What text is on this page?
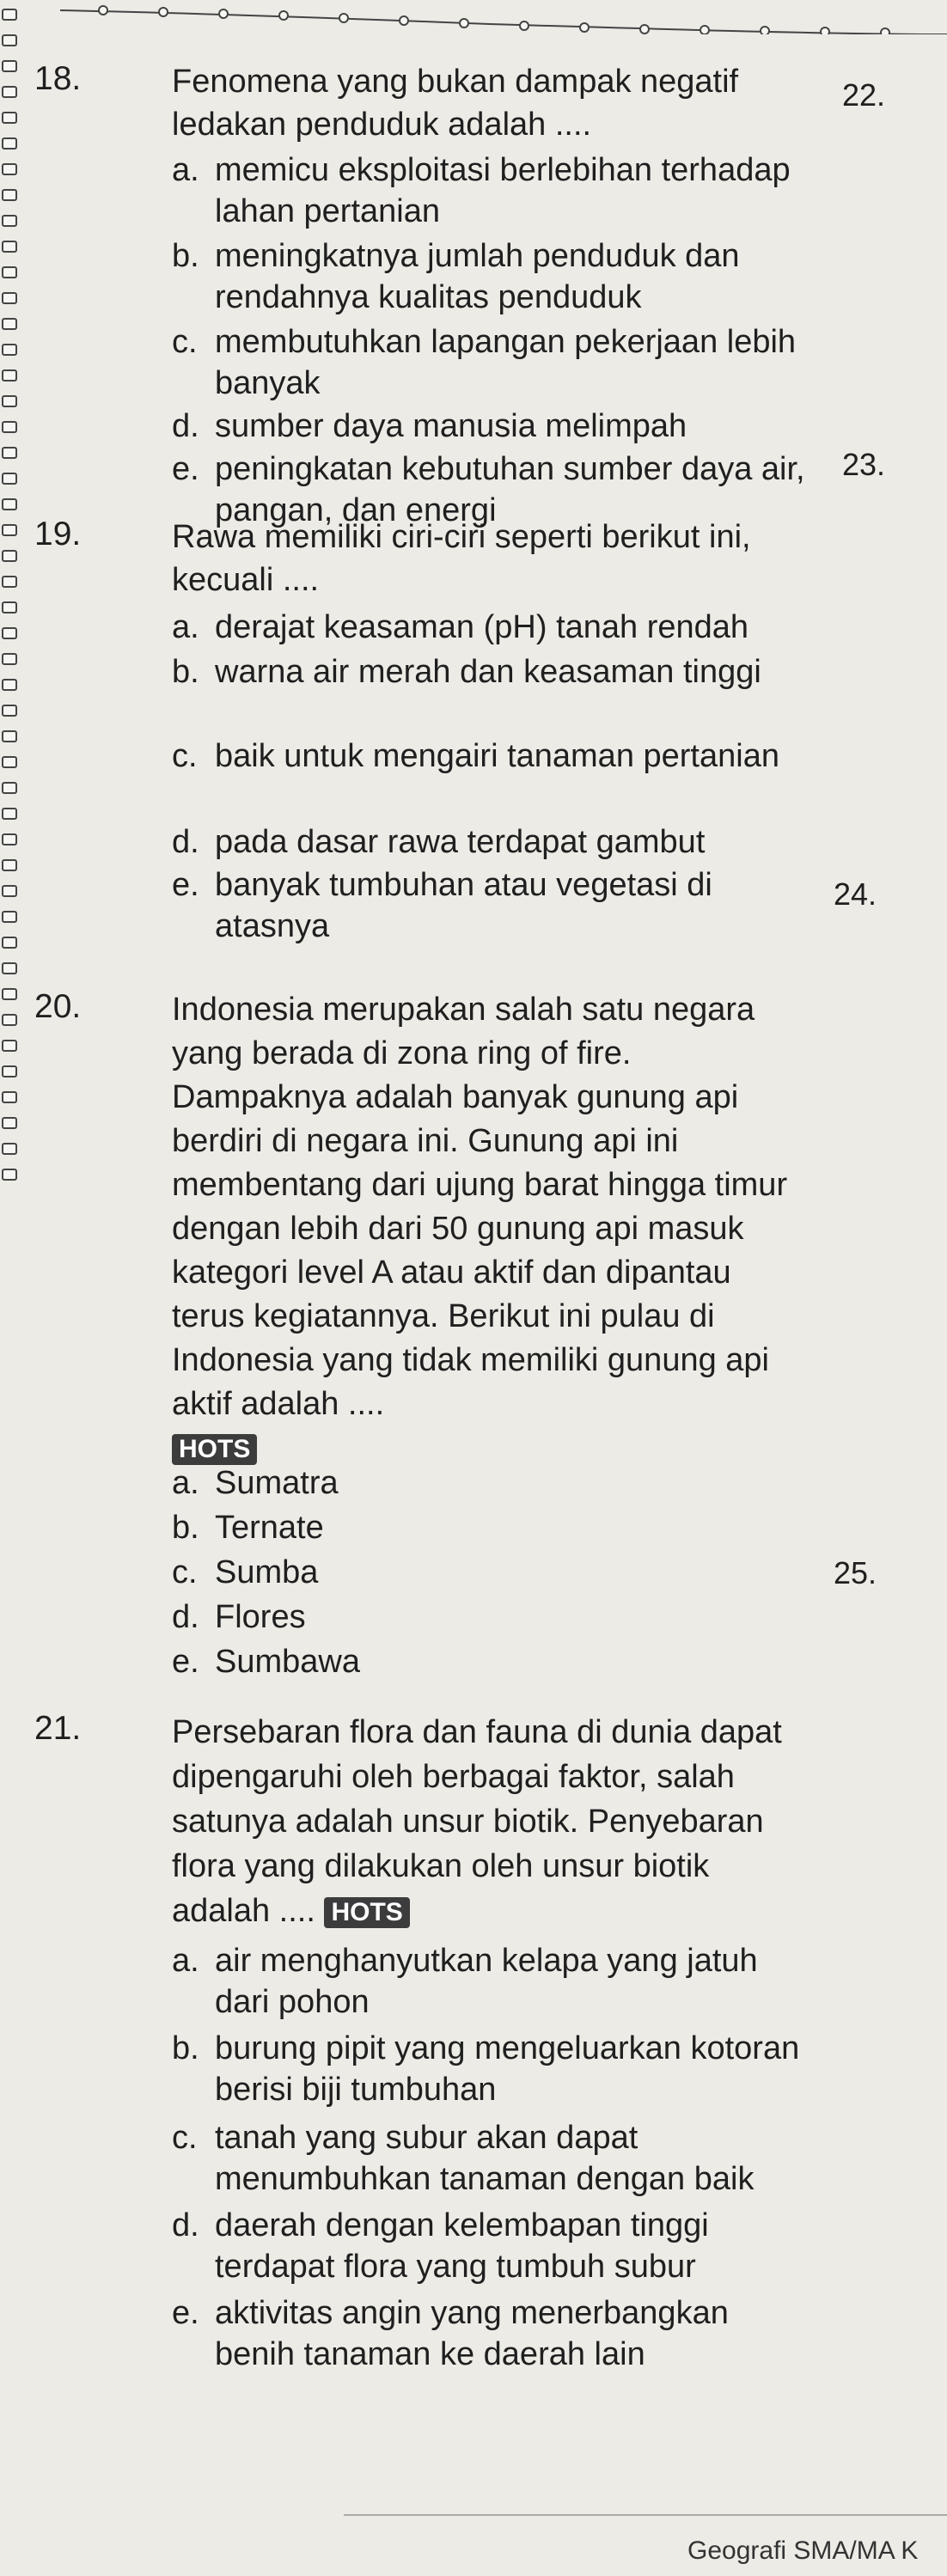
18.	Fenomena yang bukan dampak negatif ledakan penduduk adalah ....
a. memicu eksploitasi berlebihan terhadap lahan pertanian
b. meningkatnya jumlah penduduk dan rendahnya kualitas penduduk
c. membutuhkan lapangan pekerjaan lebih banyak
d. sumber daya manusia melimpah
e. peningkatan kebutuhan sumber daya air, pangan, dan energi
19.	Rawa memiliki ciri-ciri seperti berikut ini, kecuali ....
a. derajat keasaman (pH) tanah rendah
b. warna air merah dan keasaman tinggi
c. baik untuk mengairi tanaman pertanian
d. pada dasar rawa terdapat gambut
e. banyak tumbuhan atau vegetasi di atasnya
20.	Indonesia merupakan salah satu negara yang berada di zona ring of fire. Dampaknya adalah banyak gunung api berdiri di negara ini. Gunung api ini membentang dari ujung barat hingga timur dengan lebih dari 50 gunung api masuk kategori level A atau aktif dan dipantau terus kegiatannya. Berikut ini pulau di Indonesia yang tidak memiliki gunung api aktif adalah ....
HOTS
a. Sumatra
b. Ternate
c. Sumba
d. Flores
e. Sumbawa
21.	Persebaran flora dan fauna di dunia dapat dipengaruhi oleh berbagai faktor, salah satunya adalah unsur biotik. Penyebaran flora yang dilakukan oleh unsur biotik adalah .... HOTS
a. air menghanyutkan kelapa yang jatuh dari pohon
b. burung pipit yang mengeluarkan kotoran berisi biji tumbuhan
c. tanah yang subur akan dapat menumbuhkan tanaman dengan baik
d. daerah dengan kelembapan tinggi terdapat flora yang tumbuh subur
e. aktivitas angin yang menerbangkan benih tanaman ke daerah lain
22.
23.
24.
25.
Geografi SMA/MA K
